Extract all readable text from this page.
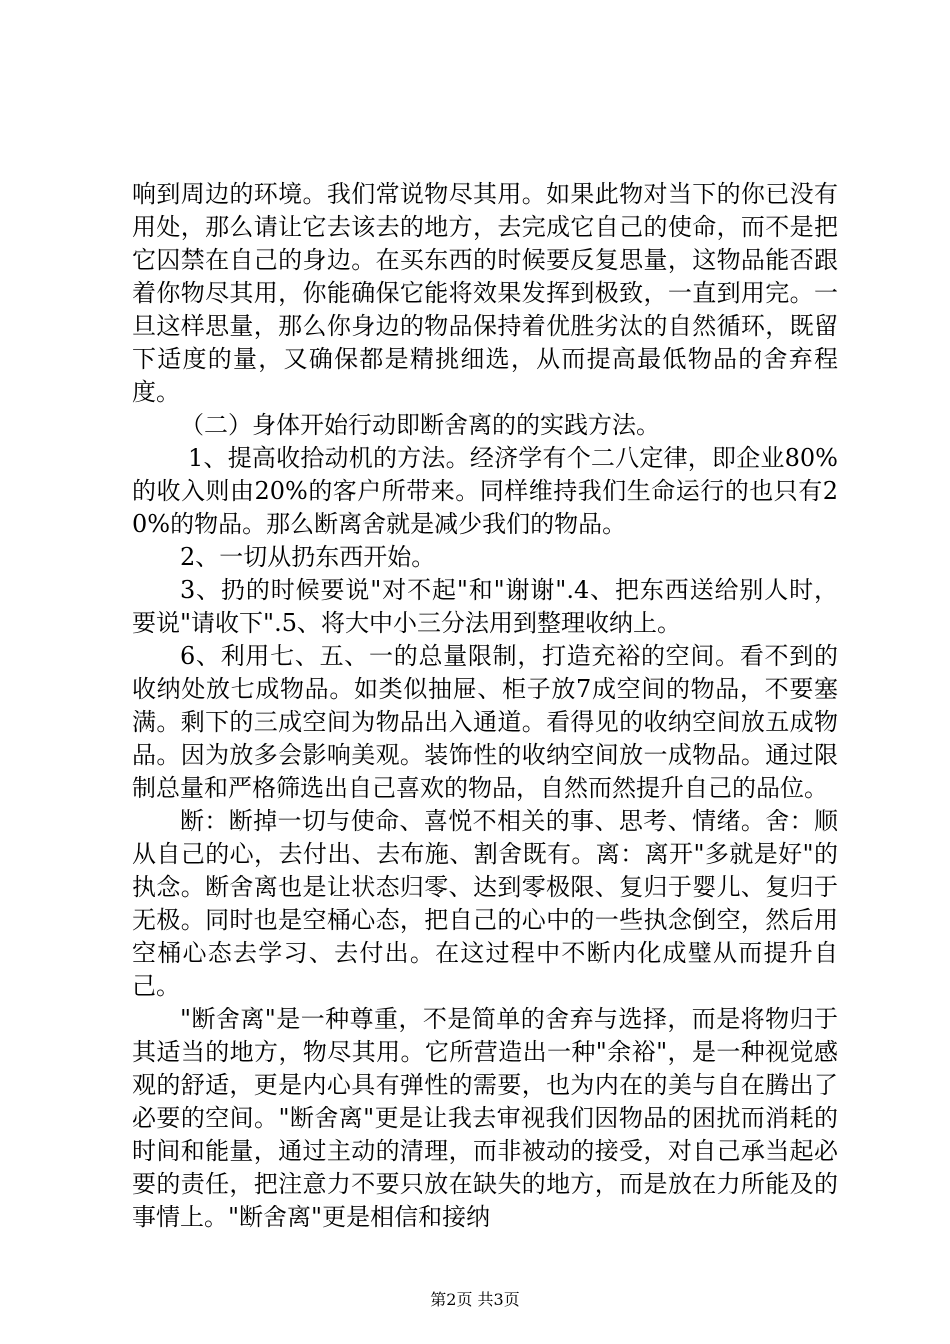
响到周边的环境。我们常说物尽其用。如果此物对当下的你已没有用处，那么请让它去该去的地方，去完成它自己的使命，而不是把它囚禁在自己的身边。在买东西的时候要反复思量，这物品能否跟着你物尽其用，你能确保它能将效果发挥到极致，一直到用完。一旦这样思量，那么你身边的物品保持着优胜劣汰的自然循环，既留下适度的量，又确保都是精挑细选，从而提高最低物品的舍弃程度。

（二）身体开始行动即断舍离的的实践方法。

1、提高收拾动机的方法。经济学有个二八定律，即企业80%的收入则由20%的客户所带来。同样维持我们生命运行的也只有20%的物品。那么断离舍就是减少我们的物品。

2、一切从扔东西开始。

3、扔的时候要说"对不起"和"谢谢".4、把东西送给别人时，要说"请收下".5、将大中小三分法用到整理收纳上。

6、利用七、五、一的总量限制，打造充裕的空间。看不到的收纳处放七成物品。如类似抽屉、柜子放7成空间的物品，不要塞满。剩下的三成空间为物品出入通道。看得见的收纳空间放五成物品。因为放多会影响美观。装饰性的收纳空间放一成物品。通过限制总量和严格筛选出自己喜欢的物品，自然而然提升自己的品位。

断：断掉一切与使命、喜悦不相关的事、思考、情绪。舍：顺从自己的心，去付出、去布施、割舍既有。离：离开"多就是好"的执念。断舍离也是让状态归零、达到零极限、复归于婴儿、复归于无极。同时也是空桶心态，把自己的心中的一些执念倒空，然后用空桶心态去学习、去付出。在这过程中不断内化成璧从而提升自己。

"断舍离"是一种尊重，不是简单的舍弃与选择，而是将物归于其适当的地方，物尽其用。它所营造出一种"余裕"，是一种视觉感观的舒适，更是内心具有弹性的需要，也为内在的美与自在腾出了必要的空间。"断舍离"更是让我去审视我们因物品的困扰而消耗的时间和能量，通过主动的清理，而非被动的接受，对自己承当起必要的责任，把注意力不要只放在缺失的地方，而是放在力所能及的事情上。"断舍离"更是相信和接纳

第2页 共3页
